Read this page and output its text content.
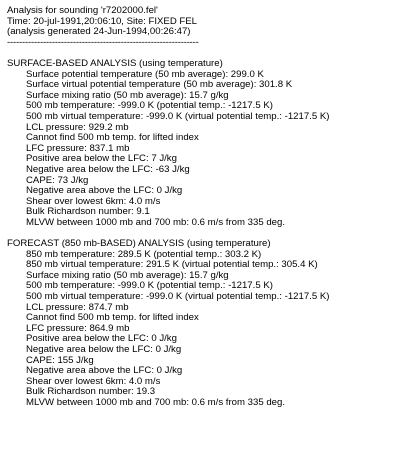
Analysis for sounding 'r7202000.fel'
Time: 20-jul-1991,20:06:10, Site: FIXED FEL
(analysis generated 24-Jun-1994,00:26:47)
----------------------------------------------------------------
SURFACE-BASED ANALYSIS (using temperature)
Surface potential temperature (50 mb average): 299.0 K
Surface virtual potential temperature (50 mb average): 301.8 K
Surface mixing ratio (50 mb average): 15.7 g/kg
500 mb temperature: -999.0 K (potential temp.: -1217.5 K)
500 mb virtual temperature: -999.0 K (virtual potential temp.: -1217.5 K)
LCL pressure: 929.2 mb
Cannot find 500 mb temp. for lifted index
LFC pressure: 837.1 mb
Positive area below the LFC: 7 J/kg
Negative area below the LFC: -63 J/kg
CAPE: 73 J/kg
Negative area above the LFC: 0 J/kg
Shear over lowest 6km: 4.0 m/s
Bulk Richardson number: 9.1
MLVW between 1000 mb and 700 mb: 0.6 m/s from 335 deg.
FORECAST (850 mb-BASED) ANALYSIS (using temperature)
850 mb temperature: 289.5 K (potential temp.: 303.2 K)
850 mb virtual temperature: 291.5 K (virtual potential temp.: 305.4 K)
Surface mixing ratio (50 mb average): 15.7 g/kg
500 mb temperature: -999.0 K (potential temp.: -1217.5 K)
500 mb virtual temperature: -999.0 K (virtual potential temp.: -1217.5 K)
LCL pressure: 874.7 mb
Cannot find 500 mb temp. for lifted index
LFC pressure: 864.9 mb
Positive area below the LFC: 0 J/kg
Negative area below the LFC: 0 J/kg
CAPE: 155 J/kg
Negative area above the LFC: 0 J/kg
Shear over lowest 6km: 4.0 m/s
Bulk Richardson number: 19.3
MLVW between 1000 mb and 700 mb: 0.6 m/s from 335 deg.
